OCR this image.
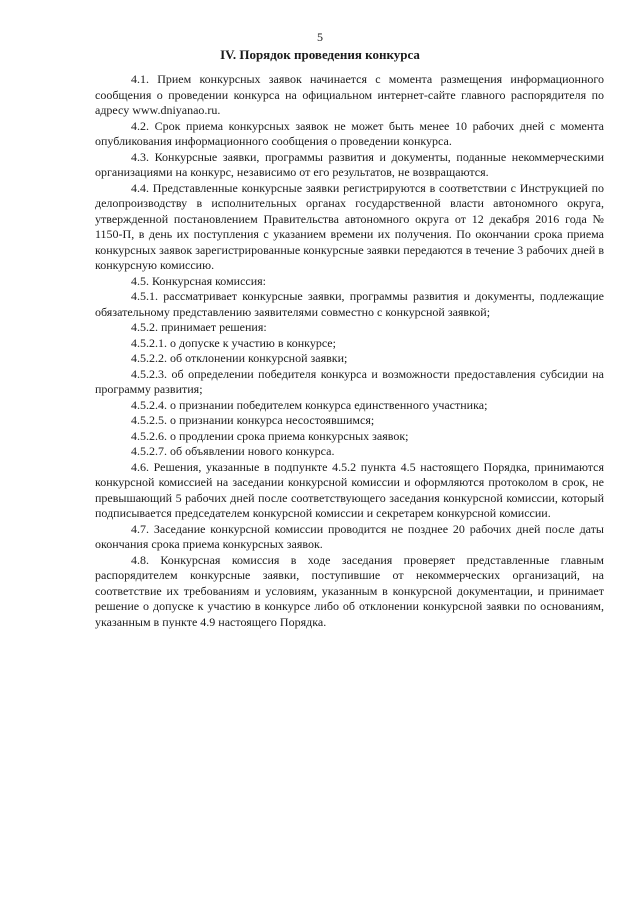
5
IV. Порядок проведения конкурса

4.1. Прием конкурсных заявок начинается с момента размещения информационного сообщения о проведении конкурса на официальном интернет-сайте главного распорядителя по адресу www.dniyanao.ru.

4.2. Срок приема конкурсных заявок не может быть менее 10 рабочих дней с момента опубликования информационного сообщения о проведении конкурса.

4.3. Конкурсные заявки, программы развития и документы, поданные некоммерческими организациями на конкурс, независимо от его результатов, не возвращаются.

4.4. Представленные конкурсные заявки регистрируются в соответствии с Инструкцией по делопроизводству в исполнительных органах государственной власти автономного округа, утвержденной постановлением Правительства автономного округа от 12 декабря 2016 года № 1150-П, в день их поступления с указанием времени их получения. По окончании срока приема конкурсных заявок зарегистрированные конкурсные заявки передаются в течение 3 рабочих дней в конкурсную комиссию.

4.5. Конкурсная комиссия:

4.5.1. рассматривает конкурсные заявки, программы развития и документы, подлежащие обязательному представлению заявителями совместно с конкурсной заявкой;

4.5.2. принимает решения:

4.5.2.1. о допуске к участию в конкурсе;

4.5.2.2. об отклонении конкурсной заявки;

4.5.2.3. об определении победителя конкурса и возможности предоставления субсидии на программу развития;

4.5.2.4. о признании победителем конкурса единственного участника;

4.5.2.5. о признании конкурса несостоявшимся;

4.5.2.6. о продлении срока приема конкурсных заявок;

4.5.2.7. об объявлении нового конкурса.

4.6. Решения, указанные в подпункте 4.5.2 пункта 4.5 настоящего Порядка, принимаются конкурсной комиссией на заседании конкурсной комиссии и оформляются протоколом в срок, не превышающий 5 рабочих дней после соответствующего заседания конкурсной комиссии, который подписывается председателем конкурсной комиссии и секретарем конкурсной комиссии.

4.7. Заседание конкурсной комиссии проводится не позднее 20 рабочих дней после даты окончания срока приема конкурсных заявок.

4.8. Конкурсная комиссия в ходе заседания проверяет представленные главным распорядителем конкурсные заявки, поступившие от некоммерческих организаций, на соответствие их требованиям и условиям, указанным в конкурсной документации, и принимает решение о допуске к участию в конкурсе либо об отклонении конкурсной заявки по основаниям, указанным в пункте 4.9 настоящего Порядка.
